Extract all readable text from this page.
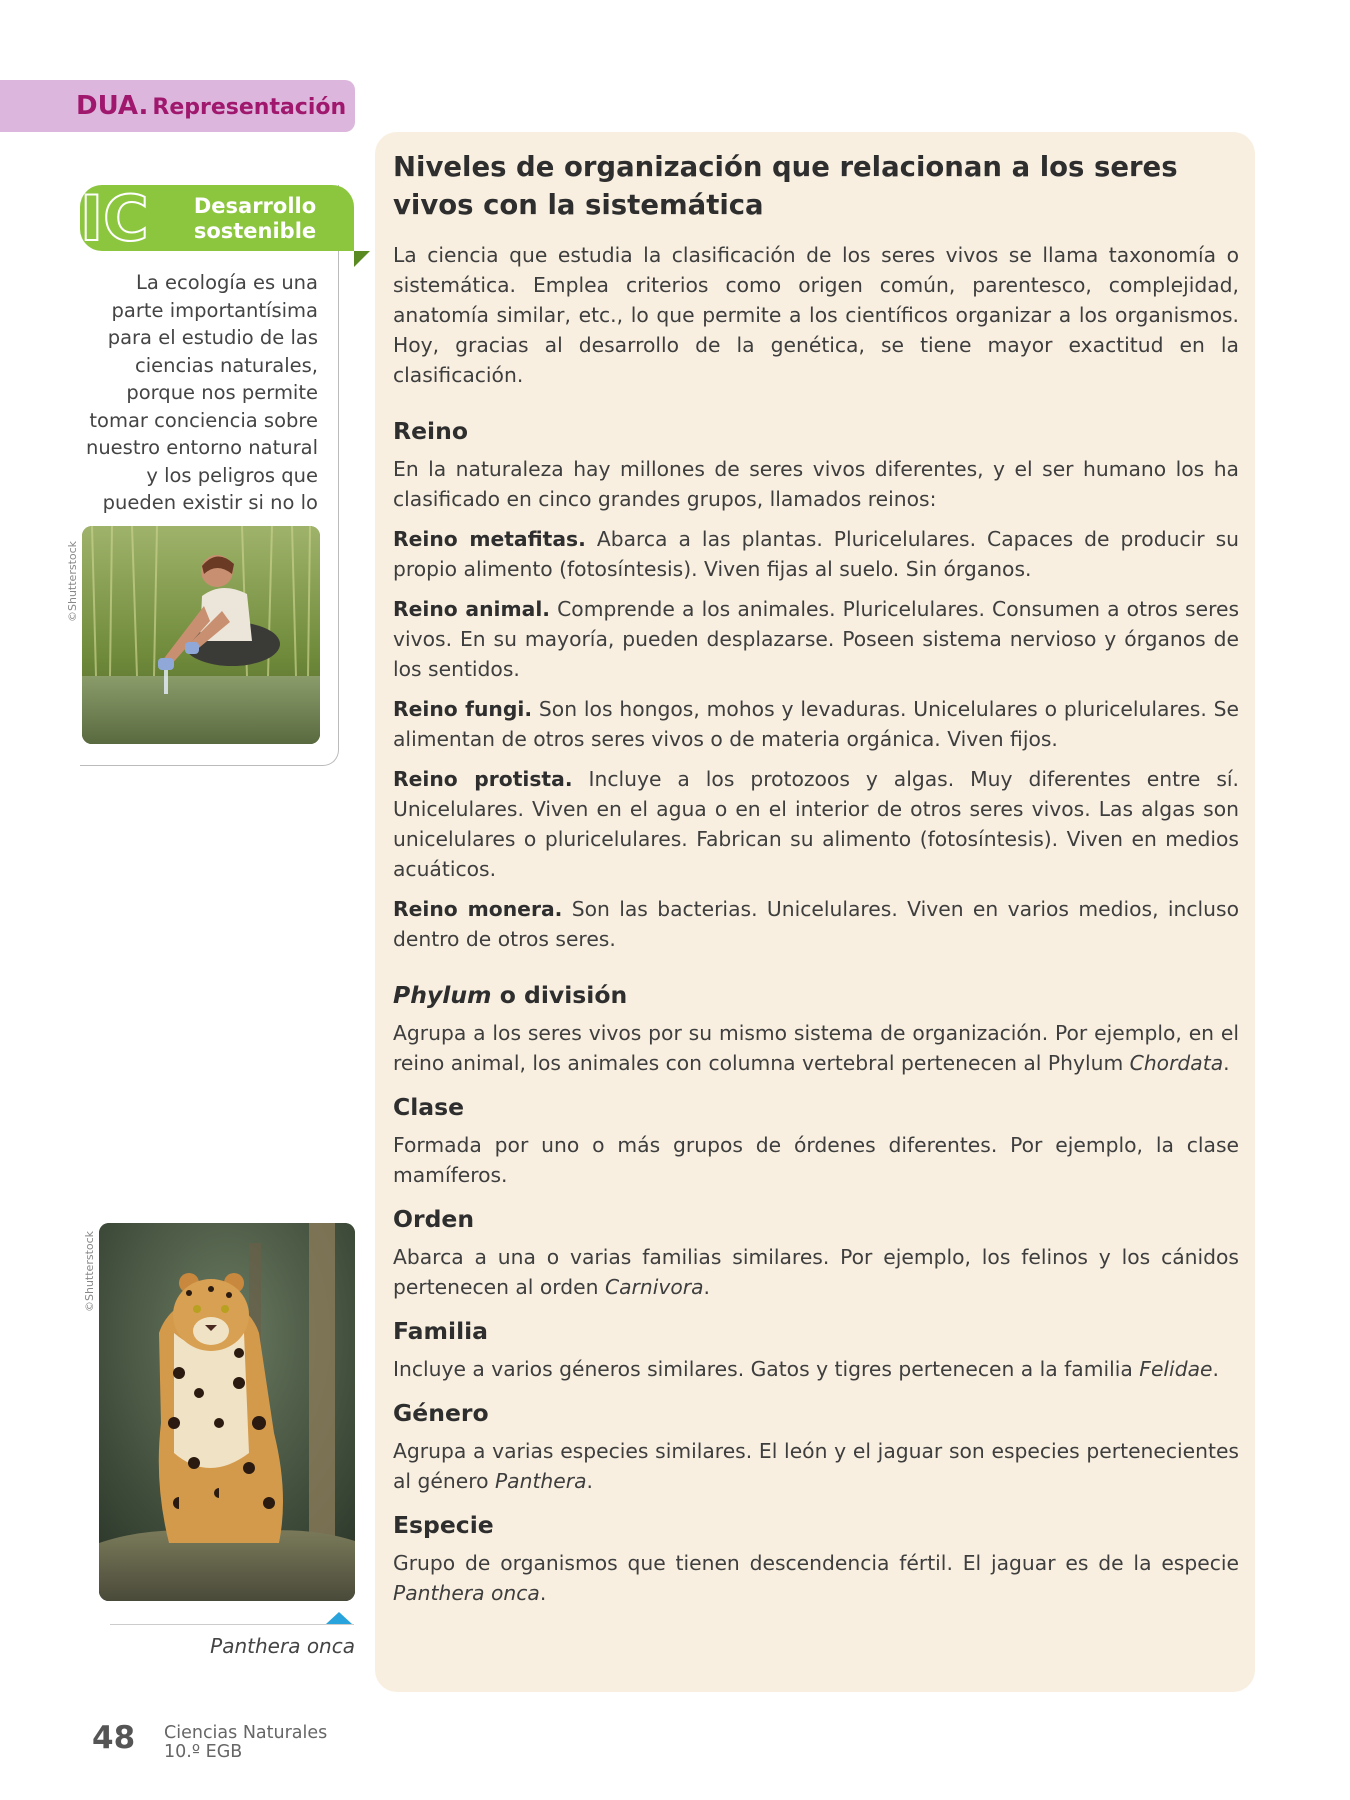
DUA. Representación
IC	Desarrollo
sostenible
La ecología es una parte importantísima para el estudio de las ciencias naturales, porque nos permite tomar conciencia sobre nuestro entorno natural y los peligros que pueden existir si no lo
©Shutterstock
©Shutterstock
Panthera onca
Niveles de organización que relacionan a los seres vivos con la sistemática

La ciencia que estudia la clasificación de los seres vivos se llama taxonomía o sistemática. Emplea criterios como origen común, parentesco, complejidad, anatomía similar, etc., lo que permite a los científicos organizar a los organismos. Hoy, gracias al desarrollo de la genética, se tiene mayor exactitud en la clasificación.

Reino

En la naturaleza hay millones de seres vivos diferentes, y el ser humano los ha clasificado en cinco grandes grupos, llamados reinos:

Reino metafitas. Abarca a las plantas. Pluricelulares. Capaces de producir su propio alimento (fotosíntesis). Viven fijas al suelo. Sin órganos.

Reino animal. Comprende a los animales. Pluricelulares. Consumen a otros seres vivos. En su mayoría, pueden desplazarse. Poseen sistema nervioso y órganos de los sentidos.

Reino fungi. Son los hongos, mohos y levaduras. Unicelulares o pluricelulares. Se alimentan de otros seres vivos o de materia orgánica. Viven fijos.

Reino protista. Incluye a los protozoos y algas. Muy diferentes entre sí. Unicelulares. Viven en el agua o en el interior de otros seres vivos. Las algas son unicelulares o pluricelulares. Fabrican su alimento (fotosíntesis). Viven en medios acuáticos.

Reino monera. Son las bacterias. Unicelulares. Viven en varios medios, incluso dentro de otros seres.

Phylum o división

Agrupa a los seres vivos por su mismo sistema de organización. Por ejemplo, en el reino animal, los animales con columna vertebral pertenecen al Phylum Chordata.

Clase

Formada por uno o más grupos de órdenes diferentes. Por ejemplo, la clase mamíferos.

Orden

Abarca a una o varias familias similares. Por ejemplo, los felinos y los cánidos pertenecen al orden Carnivora.

Familia

Incluye a varios géneros similares. Gatos y tigres pertenecen a la familia Felidae.

Género

Agrupa a varias especies similares. El león y el jaguar son especies pertenecientes al género Panthera.

Especie

Grupo de organismos que tienen descendencia fértil. El jaguar es de la especie Panthera onca.

48 Ciencias Naturales
10.º EGB
